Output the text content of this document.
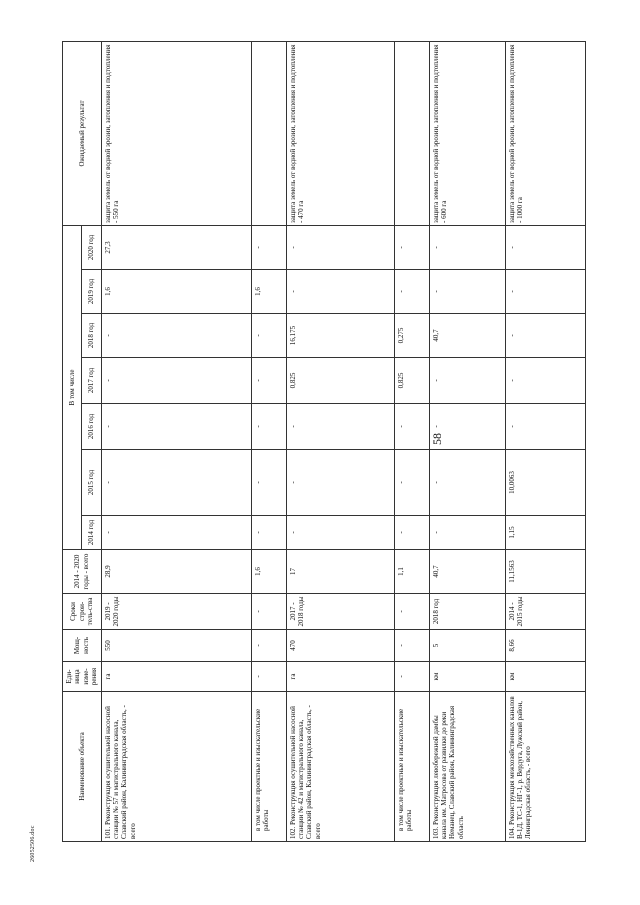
58
26052506.doc
Наименование объекта	Еди-ница изме-рения	Мощ-ность	Сроки строи-тель-ства	2014 - 2020 годы - всего	В том числе							Ожидаемый результат
					2014 год	2015 год	2016 год	2017 год	2018 год	2019 год	2020 год	
101. Реконструкция осушительной насосной станции № 57 и магистрального канала, Славский район, Калининградская область, - всего	га	550	2019 - 2020 годы	28,9	-	-	-	-	-	1,6	27,3	защита земель от водной эрозии, затопления и подтопления - 550 га
в том числе проектные и изыскательские работы	-	-	-	1,6	-	-	-	-	-	1,6	-	
102. Реконструкция осушительной насосной станции № 42 и магистрального канала, Славский район, Калининградская область, - всего	га	470	2017 - 2018 годы	17	-	-	-	0,825	16,175	-	-	защита земель от водной эрозии, затопления и подтопления - 470 га
в том числе проектные и изыскательские работы	-	-	-	1,1	-	-	-	0,825	0,275	-	-	
103. Реконструкция левобережной дамбы канала им. Матросова от развилки до реки Неманец, Славский район, Калининградская область	км	5	2018 год	40,7	-	-	-	-	40,7	-	-	защита земель от водной эрозии, затопления и подтопления - 600 га
104. Реконструкция межхозяйственных каналов В-1Д, ТС-1, НГ-1, р. Вердуга, Лужский район, Ленинградская область, - всего	км	8,66	2014 - 2015 годы	11,1563	1,15	10,0063	-	-	-	-	-	защита земель от водной эрозии, затопления и подтопления - 1000 га
